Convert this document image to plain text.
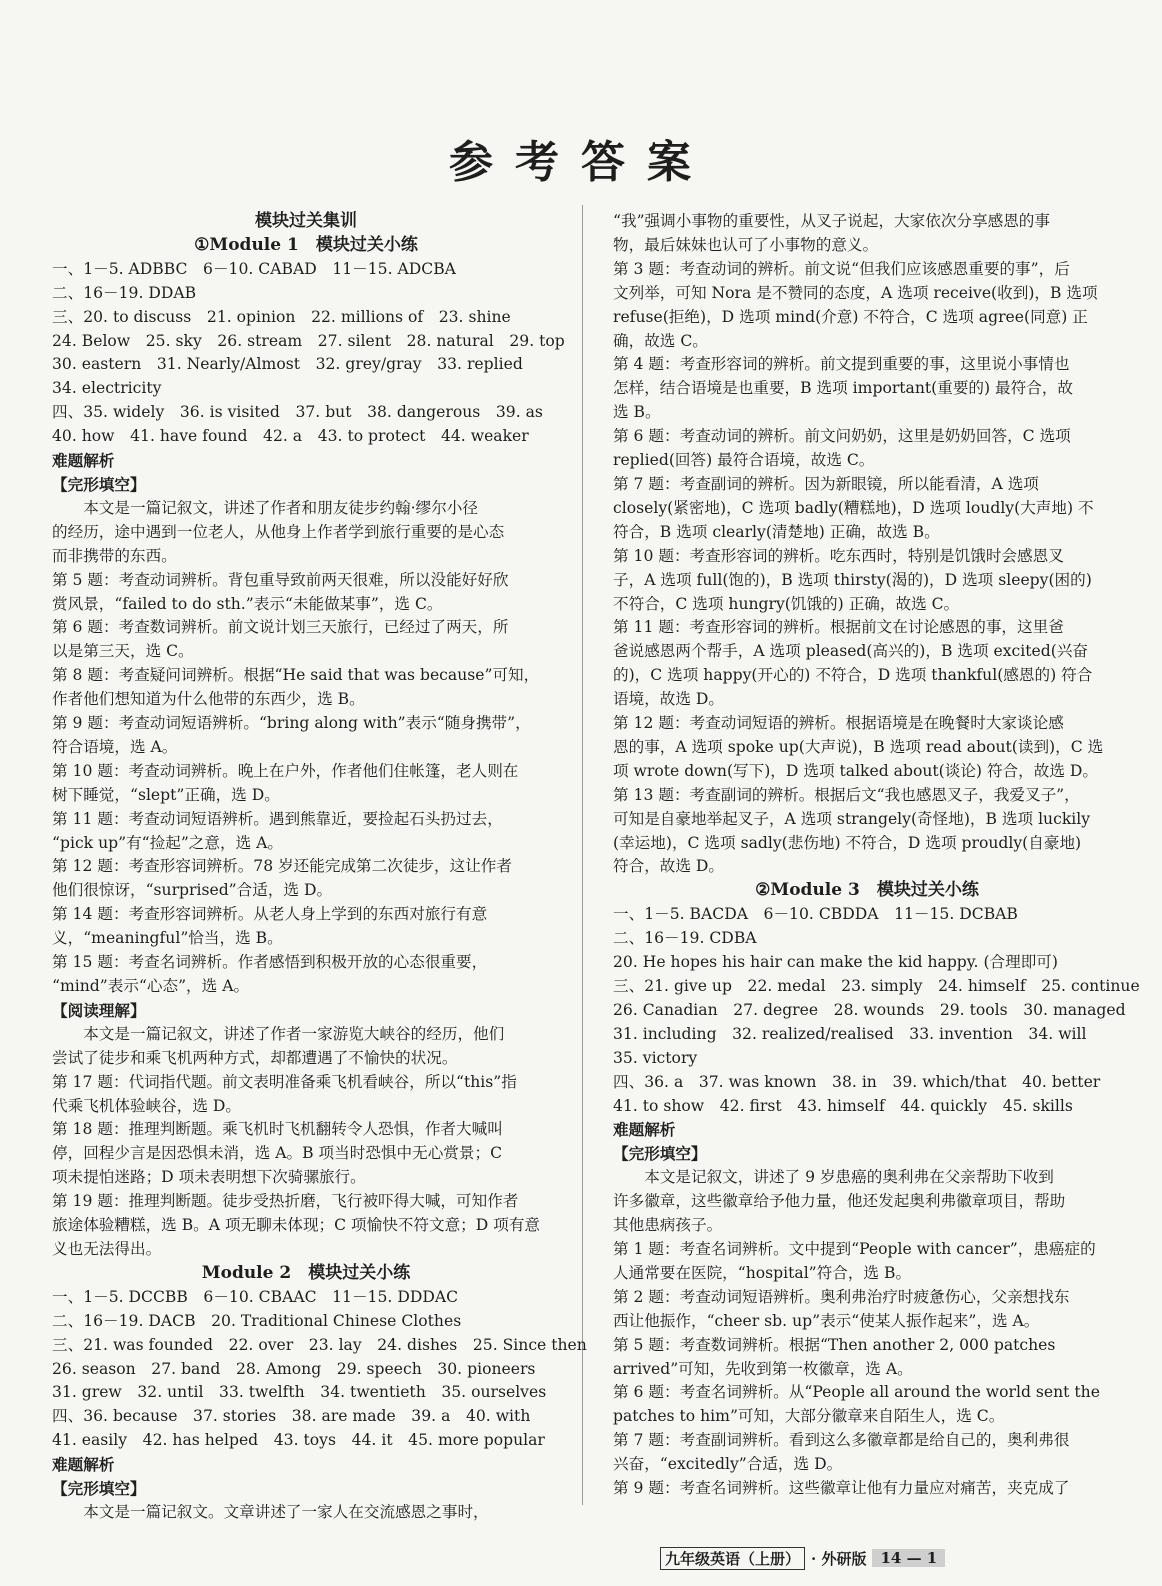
参考答案
模块过关集训
①Module 1　模块过关小练
一、1－5. ADBBC　6－10. CABAD　11－15. ADCBA
二、16－19. DDAB
三、20. to discuss　21. opinion　22. millions of　23. shine
24. Below　25. sky　26. stream　27. silent　28. natural　29. top
30. eastern　31. Nearly/Almost　32. grey/gray　33. replied
34. electricity
四、35. widely　36. is visited　37. but　38. dangerous　39. as
40. how　41. have found　42. a　43. to protect　44. weaker
难题解析
【完形填空】
本文是一篇记叙文，讲述了作者和朋友徒步约翰·缪尔小径
的经历，途中遇到一位老人，从他身上作者学到旅行重要的是心态
而非携带的东西。
第 5 题：考查动词辨析。背包重导致前两天很难，所以没能好好欣
赏风景，“failed to do sth.”表示“未能做某事”，选 C。
第 6 题：考查数词辨析。前文说计划三天旅行，已经过了两天，所
以是第三天，选 C。
第 8 题：考查疑问词辨析。根据“He said that was because”可知，
作者他们想知道为什么他带的东西少，选 B。
第 9 题：考查动词短语辨析。“bring along with”表示“随身携带”，
符合语境，选 A。
第 10 题：考查动词辨析。晚上在户外，作者他们住帐篷，老人则在
树下睡觉，“slept”正确，选 D。
第 11 题：考查动词短语辨析。遇到熊靠近，要捡起石头扔过去，
“pick up”有“捡起”之意，选 A。
第 12 题：考查形容词辨析。78 岁还能完成第二次徒步，这让作者
他们很惊讶，“surprised”合适，选 D。
第 14 题：考查形容词辨析。从老人身上学到的东西对旅行有意
义，“meaningful”恰当，选 B。
第 15 题：考查名词辨析。作者感悟到积极开放的心态很重要，
“mind”表示“心态”，选 A。
【阅读理解】
本文是一篇记叙文，讲述了作者一家游览大峡谷的经历，他们
尝试了徒步和乘飞机两种方式，却都遭遇了不愉快的状况。
第 17 题：代词指代题。前文表明准备乘飞机看峡谷，所以“this”指
代乘飞机体验峡谷，选 D。
第 18 题：推理判断题。乘飞机时飞机翻转令人恐惧，作者大喊叫
停，回程少言是因恐惧未消，选 A。B 项当时恐惧中无心赏景；C
项未提怕迷路；D 项未表明想下次骑骡旅行。
第 19 题：推理判断题。徒步受热折磨，飞行被吓得大喊，可知作者
旅途体验糟糕，选 B。A 项无聊未体现；C 项愉快不符文意；D 项有意
义也无法得出。
Module 2　模块过关小练
一、1－5. DCCBB　6－10. CBAAC　11－15. DDDAC
二、16－19. DACB　20. Traditional Chinese Clothes
三、21. was founded　22. over　23. lay　24. dishes　25. Since then
26. season　27. band　28. Among　29. speech　30. pioneers
31. grew　32. until　33. twelfth　34. twentieth　35. ourselves
四、36. because　37. stories　38. are made　39. a　40. with
41. easily　42. has helped　43. toys　44. it　45. more popular
难题解析
【完形填空】
本文是一篇记叙文。文章讲述了一家人在交流感恩之事时，
“我”强调小事物的重要性，从叉子说起，大家依次分享感恩的事
物，最后妹妹也认可了小事物的意义。
第 3 题：考查动词的辨析。前文说“但我们应该感恩重要的事”，后
文列举，可知 Nora 是不赞同的态度，A 选项 receive(收到)，B 选项
refuse(拒绝)，D 选项 mind(介意) 不符合，C 选项 agree(同意) 正
确，故选 C。
第 4 题：考查形容词的辨析。前文提到重要的事，这里说小事情也
怎样，结合语境是也重要，B 选项 important(重要的) 最符合，故
选 B。
第 6 题：考查动词的辨析。前文问奶奶，这里是奶奶回答，C 选项
replied(回答) 最符合语境，故选 C。
第 7 题：考查副词的辨析。因为新眼镜，所以能看清，A 选项
closely(紧密地)，C 选项 badly(糟糕地)，D 选项 loudly(大声地) 不
符合，B 选项 clearly(清楚地) 正确，故选 B。
第 10 题：考查形容词的辨析。吃东西时，特别是饥饿时会感恩叉
子，A 选项 full(饱的)，B 选项 thirsty(渴的)，D 选项 sleepy(困的)
不符合，C 选项 hungry(饥饿的) 正确，故选 C。
第 11 题：考查形容词的辨析。根据前文在讨论感恩的事，这里爸
爸说感恩两个帮手，A 选项 pleased(高兴的)，B 选项 excited(兴奋
的)，C 选项 happy(开心的) 不符合，D 选项 thankful(感恩的) 符合
语境，故选 D。
第 12 题：考查动词短语的辨析。根据语境是在晚餐时大家谈论感
恩的事，A 选项 spoke up(大声说)，B 选项 read about(读到)，C 选
项 wrote down(写下)，D 选项 talked about(谈论) 符合，故选 D。
第 13 题：考查副词的辨析。根据后文“我也感恩叉子，我爱叉子”，
可知是自豪地举起叉子，A 选项 strangely(奇怪地)，B 选项 luckily
(幸运地)，C 选项 sadly(悲伤地) 不符合，D 选项 proudly(自豪地)
符合，故选 D。
②Module 3　模块过关小练
一、1－5. BACDA　6－10. CBDDA　11－15. DCBAB
二、16－19. CDBA
20. He hopes his hair can make the kid happy. (合理即可)
三、21. give up　22. medal　23. simply　24. himself　25. continue
26. Canadian　27. degree　28. wounds　29. tools　30. managed
31. including　32. realized/realised　33. invention　34. will
35. victory
四、36. a　37. was known　38. in　39. which/that　40. better
41. to show　42. first　43. himself　44. quickly　45. skills
难题解析
【完形填空】
本文是记叙文，讲述了 9 岁患癌的奥利弗在父亲帮助下收到
许多徽章，这些徽章给予他力量，他还发起奥利弗徽章项目，帮助
其他患病孩子。
第 1 题：考查名词辨析。文中提到“People with cancer”，患癌症的
人通常要在医院，“hospital”符合，选 B。
第 2 题：考查动词短语辨析。奥利弗治疗时疲惫伤心，父亲想找东
西让他振作，“cheer sb. up”表示“使某人振作起来”，选 A。
第 5 题：考查数词辨析。根据“Then another 2, 000 patches
arrived”可知，先收到第一枚徽章，选 A。
第 6 题：考查名词辨析。从“People all around the world sent the
patches to him”可知，大部分徽章来自陌生人，选 C。
第 7 题：考查副词辨析。看到这么多徽章都是给自己的，奥利弗很
兴奋，“excitedly”合适，选 D。
第 9 题：考查名词辨析。这些徽章让他有力量应对痛苦，夹克成了
九年级英语（上册） · 外研版 14 — 1
